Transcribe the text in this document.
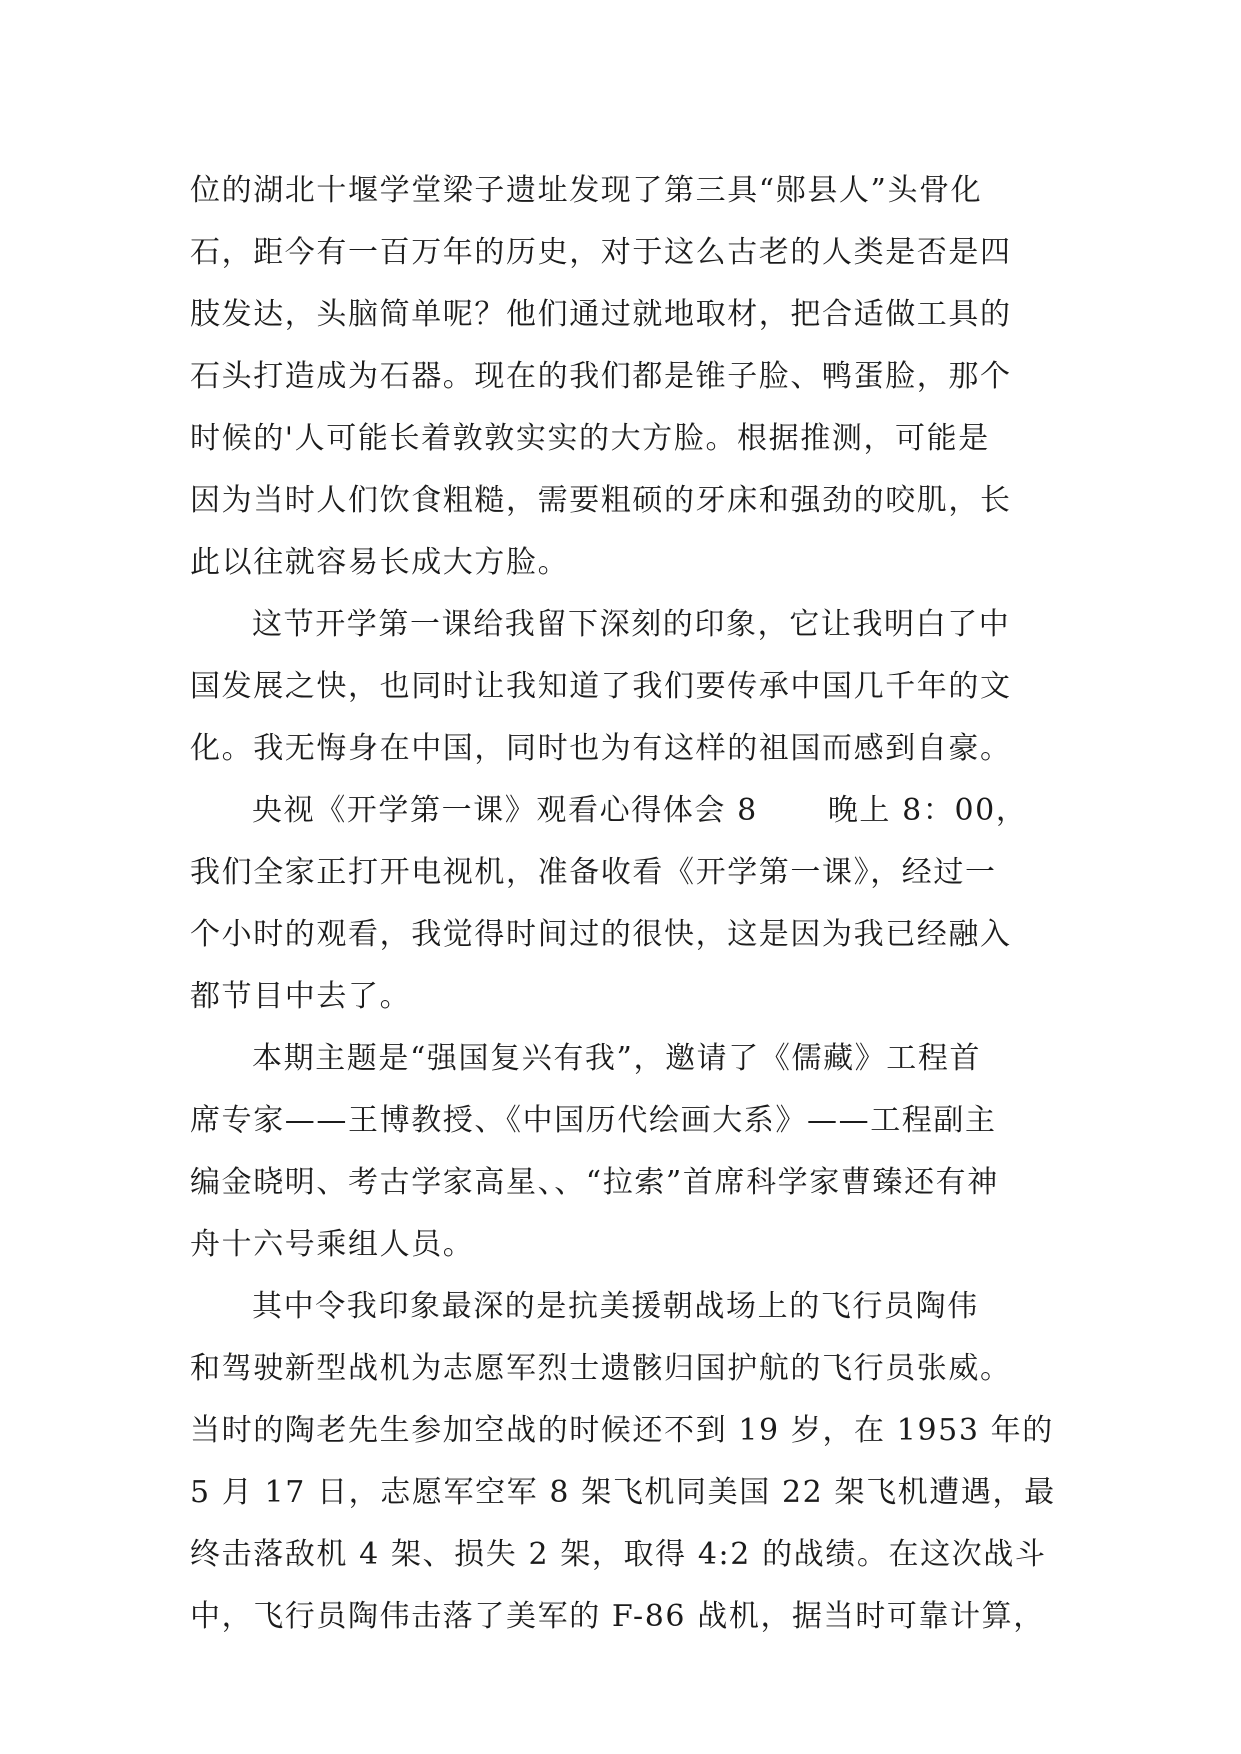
位的湖北十堰学堂梁子遗址发现了第三具“郧县人”头骨化
石，距今有一百万年的历史，对于这么古老的人类是否是四
肢发达，头脑简单呢？他们通过就地取材，把合适做工具的
石头打造成为石器。现在的我们都是锥子脸、鸭蛋脸，那个
时候的'人可能长着敦敦实实的大方脸。根据推测，可能是
因为当时人们饮食粗糙，需要粗硕的牙床和强劲的咬肌，长
此以往就容易长成大方脸。
这节开学第一课给我留下深刻的印象，它让我明白了中
国发展之快，也同时让我知道了我们要传承中国几千年的文
化。我无悔身在中国，同时也为有这样的祖国而感到自豪。
央视《开学第一课》观看心得体会 8 晚上 8：00，
我们全家正打开电视机，准备收看《开学第一课》，经过一
个小时的观看，我觉得时间过的很快，这是因为我已经融入
都节目中去了。
本期主题是“强国复兴有我”，邀请了《儒藏》工程首
席专家——王博教授、《中国历代绘画大系》——工程副主
编金晓明、考古学家高星、、“拉索”首席科学家曹臻还有神
舟十六号乘组人员。
其中令我印象最深的是抗美援朝战场上的飞行员陶伟
和驾驶新型战机为志愿军烈士遗骸归国护航的飞行员张威。
当时的陶老先生参加空战的时候还不到 19 岁，在 1953 年的
5 月 17 日，志愿军空军 8 架飞机同美国 22 架飞机遭遇，最
终击落敌机 4 架、损失 2 架，取得 4:2 的战绩。在这次战斗
中，飞行员陶伟击落了美军的 F-86 战机，据当时可靠计算，
